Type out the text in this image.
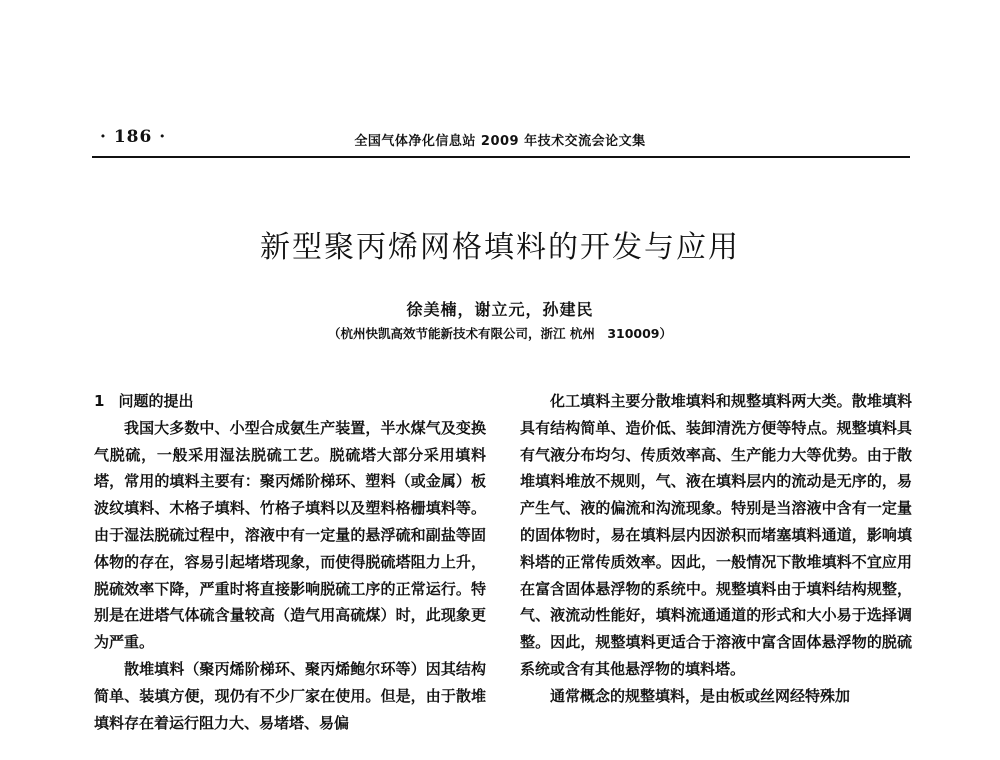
· 186 ·	全国气体净化信息站 2009 年技术交流会论文集
新型聚丙烯网格填料的开发与应用
徐美楠，谢立元，孙建民
（杭州快凯高效节能新技术有限公司，浙江 杭州　310009）

1 问题的提出

我国大多数中、小型合成氨生产装置，半水煤气及变换气脱硫，一般采用湿法脱硫工艺。脱硫塔大部分采用填料塔，常用的填料主要有：聚丙烯阶梯环、塑料（或金属）板波纹填料、木格子填料、竹格子填料以及塑料格栅填料等。由于湿法脱硫过程中，溶液中有一定量的悬浮硫和副盐等固体物的存在，容易引起堵塔现象，而使得脱硫塔阻力上升，脱硫效率下降，严重时将直接影响脱硫工序的正常运行。特别是在进塔气体硫含量较高（造气用高硫煤）时，此现象更为严重。

散堆填料（聚丙烯阶梯环、聚丙烯鲍尔环等）因其结构简单、装填方便，现仍有不少厂家在使用。但是，由于散堆填料存在着运行阻力大、易堵塔、易偏

化工填料主要分散堆填料和规整填料两大类。散堆填料具有结构简单、造价低、装卸清洗方便等特点。规整填料具有气液分布均匀、传质效率高、生产能力大等优势。由于散堆填料堆放不规则，气、液在填料层内的流动是无序的，易产生气、液的偏流和沟流现象。特别是当溶液中含有一定量的固体物时，易在填料层内因淤积而堵塞填料通道，影响填料塔的正常传质效率。因此，一般情况下散堆填料不宜应用在富含固体悬浮物的系统中。规整填料由于填料结构规整，气、液流动性能好，填料流通通道的形式和大小易于选择调整。因此，规整填料更适合于溶液中富含固体悬浮物的脱硫系统或含有其他悬浮物的填料塔。

通常概念的规整填料，是由板或丝网经特殊加
